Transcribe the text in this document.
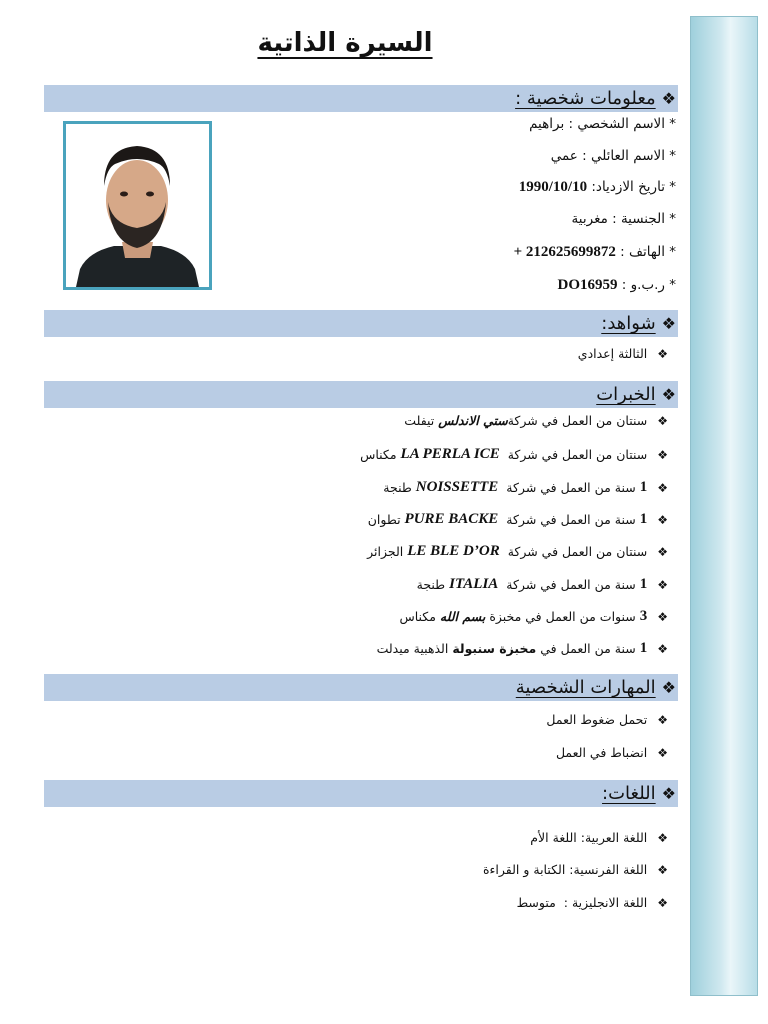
السيرة الذاتية
❖
معلومات شخصية :
* الاسم الشخصي : براهيم
* الاسم العائلي : عمي
* تاريخ الازدياد: 1990/10/10
* الجنسية : مغربية
* الهاتف : 212625699872 +
* ر.ب.و : DO16959
❖
شواهد:
❖
الثالثة إعدادي
❖
الخبرات
❖
سنتان من العمل في شركة
ستي الاندلس

تيفلت
❖
سنتان من العمل في شركة

LA PERLA ICE

مكناس
❖
1

سنة من العمل في شركة

NOISSETTE

طنجة
❖
1

سنة من العمل في شركة

PURE BACKE

تطوان
❖
سنتان من العمل في شركة

LE BLE D’OR

الجزائر
❖
1

سنة من العمل في شركة

ITALIA

طنجة
❖
3

سنوات من العمل في مخبزة

بسم الله

مكناس
❖
1

سنة من العمل في

مخبزة سنبولة

الذهبية ميدلت
❖
المهارات الشخصية
❖
تحمل ضغوط العمل
❖
انضباط في العمل
❖
اللغات:
❖
اللغة العربية: اللغة الأم
❖
اللغة الفرنسية: الكتابة و القراءة
❖
اللغة الانجليزية :  متوسط
